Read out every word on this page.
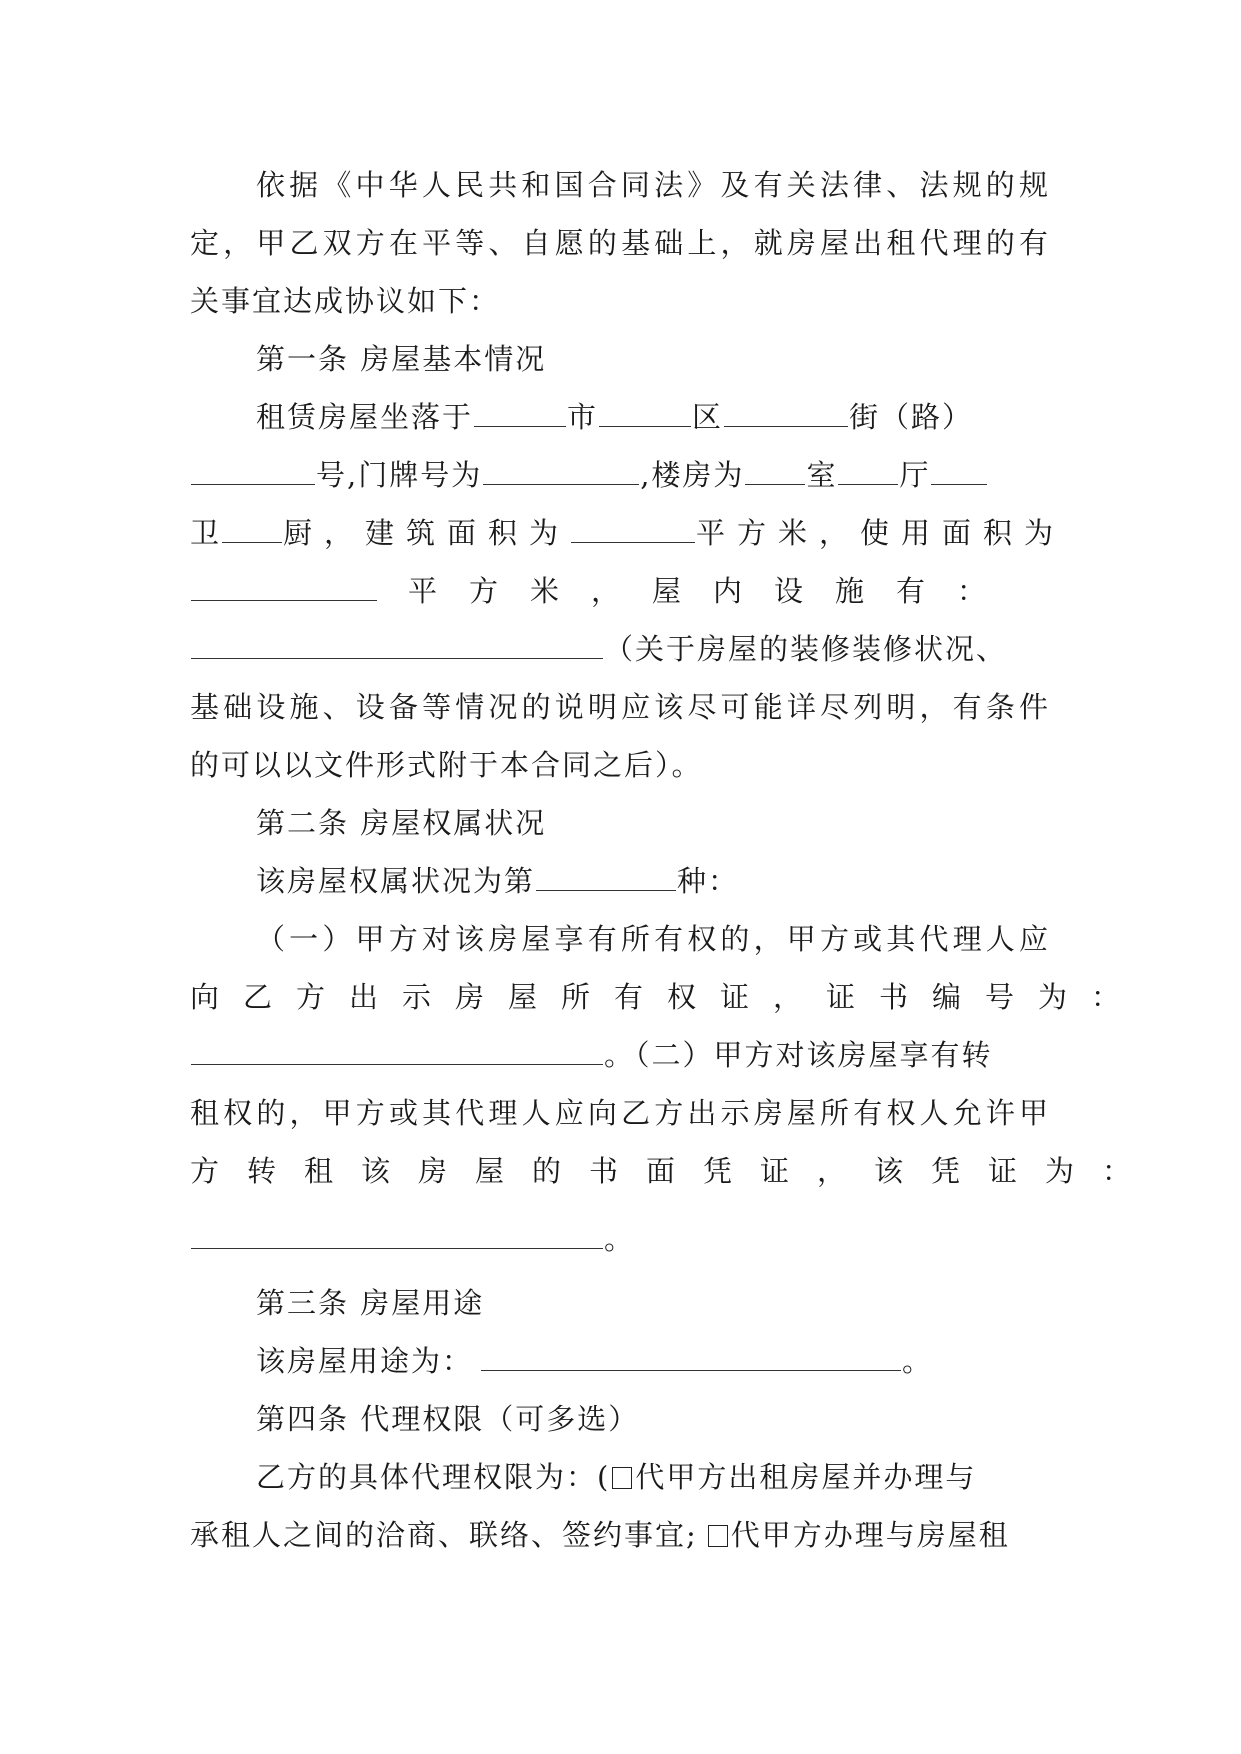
依据《中华人民共和国合同法》及有关法律、法规的规
定，甲乙双方在平等、自愿的基础上，就房屋出租代理的有
关事宜达成协议如下：
第一条 房屋基本情况
租赁房屋坐落于	市	区	街（路）
号,门牌号为	,楼房为 室 厅
卫 厨，建筑面积为	平方米，使用面积为
平方米，屋内设施有：
（关于房屋的装修装修状况、
基础设施、设备等情况的说明应该尽可能详尽列明，有条件
的可以以文件形式附于本合同之后）。
第二条 房屋权属状况
该房屋权属状况为第	种：
（一）甲方对该房屋享有所有权的，甲方或其代理人应
向乙方出示房屋所有权证，证书编号为：
。（二）甲方对该房屋享有转
租权的，甲方或其代理人应向乙方出示房屋所有权人允许甲
方转租该房屋的书面凭证，该凭证为：
。
第三条 房屋用途
该房屋用途为：	。
第四条 代理权限（可多选）
乙方的具体代理权限为：( 代甲方出租房屋并办理与
承租人之间的洽商、联络、签约事宜; 代甲方办理与房屋租
